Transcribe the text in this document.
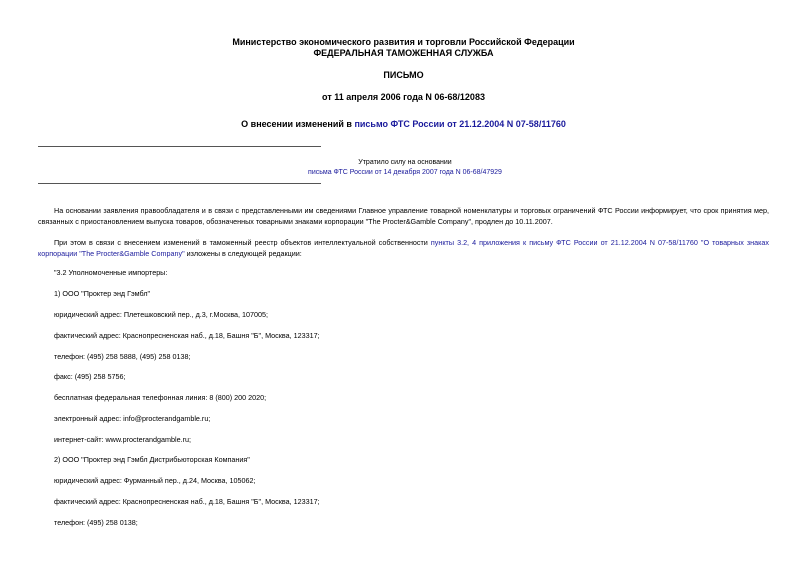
Министерство экономического развития и торговли Российской Федерации
ФЕДЕРАЛЬНАЯ ТАМОЖЕННАЯ СЛУЖБА
ПИСЬМО
от 11 апреля 2006 года N 06-68/12083
О внесении изменений в письмо ФТС России от 21.12.2004 N 07-58/11760
Утратило силу на основании
письма ФТС России от 14 декабря 2007 года N 06-68/47929
На основании заявления правообладателя и в связи с представленными им сведениями Главное управление товарной номенклатуры и торговых ограничений ФТС России информирует, что срок принятия мер, связанных с приостановлением выпуска товаров, обозначенных товарными знаками корпорации "The Procter&Gamble Company", продлен до 10.11.2007.
При этом в связи с внесением изменений в таможенный реестр объектов интеллектуальной собственности пункты 3.2, 4 приложения к письму ФТС России от 21.12.2004 N 07-58/11760 "О товарных знаках корпорации "The Procter&Gamble Company" изложены в следующей редакции:
"3.2 Уполномоченные импортеры:
1) ООО "Проктер энд Гэмбл"
юридический адрес: Плетешковский пер., д.3, г.Москва, 107005;
фактический адрес: Краснопресненская наб., д.18, Башня "Б", Москва, 123317;
телефон: (495) 258 5888, (495) 258 0138;
факс: (495) 258 5756;
бесплатная федеральная телефонная линия: 8 (800) 200 2020;
электронный адрес: info@procterandgamble.ru;
интернет-сайт: www.procterandgamble.ru;
2) ООО "Проктер энд Гэмбл Дистрибьюторская Компания"
юридический адрес: Фурманный пер., д.24, Москва, 105062;
фактический адрес: Краснопресненская наб., д.18, Башня "Б", Москва, 123317;
телефон: (495) 258 0138;
